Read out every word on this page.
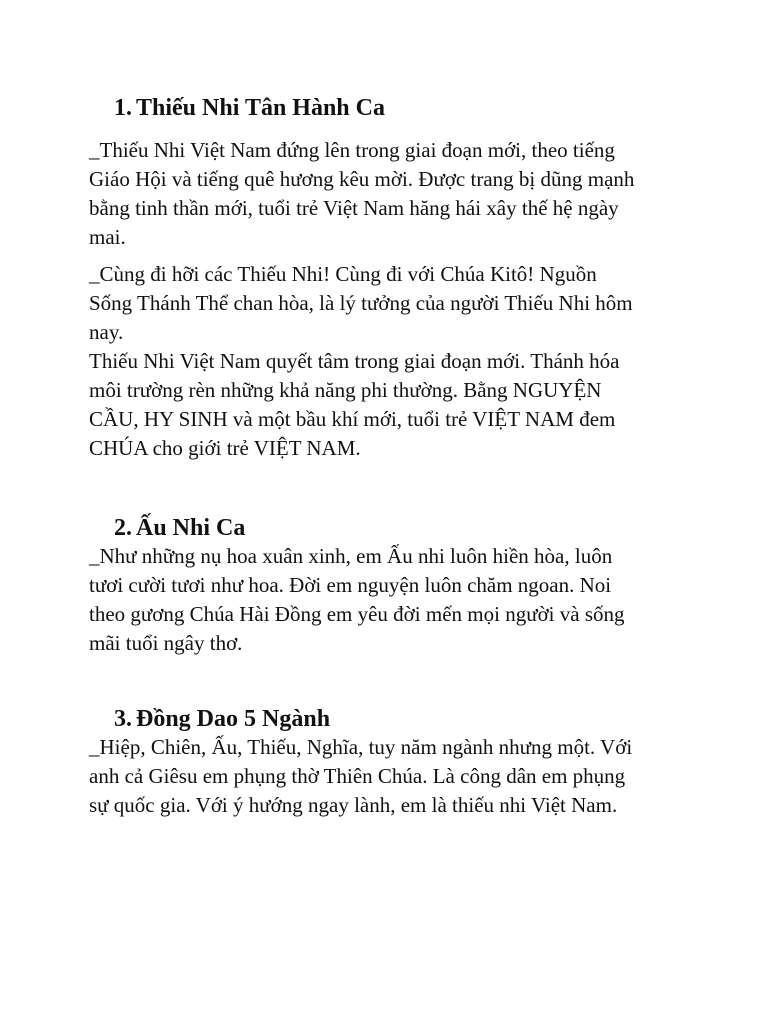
1. Thiếu Nhi Tân Hành Ca

_Thiếu Nhi Việt Nam đứng lên trong giai đoạn mới, theo tiếng
Giáo Hội và tiếng quê hương kêu mời. Được trang bị dũng mạnh
bằng tinh thần mới, tuổi trẻ Việt Nam hăng hái xây thế hệ ngày
mai.

_Cùng đi hỡi các Thiếu Nhi! Cùng đi với Chúa Kitô! Nguồn
Sống Thánh Thể chan hòa, là lý tưởng của người Thiếu Nhi hôm
nay.
Thiếu Nhi Việt Nam quyết tâm trong giai đoạn mới. Thánh hóa
môi trường rèn những khả năng phi thường. Bằng NGUYỆN
CẦU, HY SINH và một bầu khí mới, tuổi trẻ VIỆT NAM đem
CHÚA cho giới trẻ VIỆT NAM.

2. Ấu Nhi Ca

_Như những nụ hoa xuân xinh, em Ấu nhi luôn hiền hòa, luôn
tươi cười tươi như hoa. Đời em nguyện luôn chăm ngoan. Noi
theo gương Chúa Hài Đồng em yêu đời mến mọi người và sống
mãi tuổi ngây thơ.

3. Đồng Dao 5 Ngành

_Hiệp, Chiên, Ấu, Thiếu, Nghĩa, tuy năm ngành nhưng một. Với
anh cả Giêsu em phụng thờ Thiên Chúa. Là công dân em phụng
sự quốc gia. Với ý hướng ngay lành, em là thiếu nhi Việt Nam.
